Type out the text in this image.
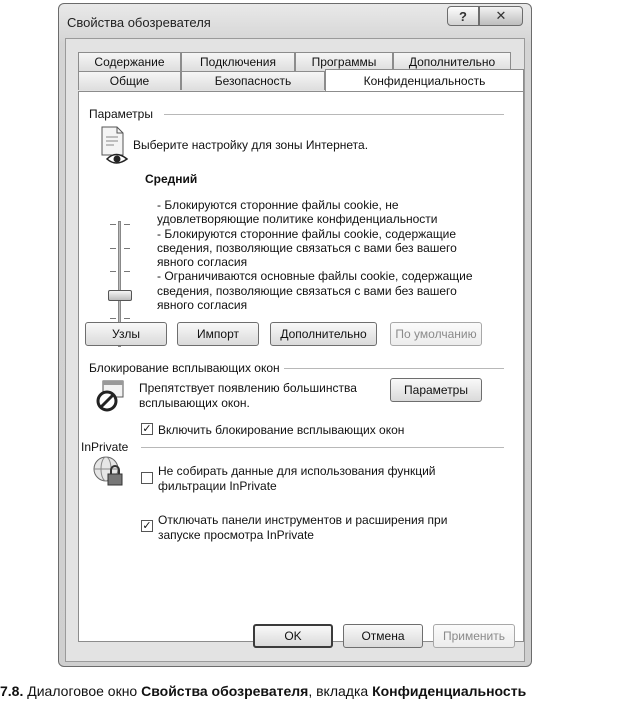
Свойства обозревателя	?	✕
Содержание	Подключения	Программы	Дополнительно
Общие	Безопасность	Конфиденциальность
Параметры
Выберите настройку для зоны Интернета.
Средний
- Блокируются сторонние файлы cookie, не
удовлетворяющие политике конфиденциальности
- Блокируются сторонние файлы cookie, содержащие
сведения, позволяющие связаться с вами без вашего
явного согласия
- Ограничиваются основные файлы cookie, содержащие
сведения, позволяющие связаться с вами без вашего
явного согласия
Узлы	Импорт	Дополнительно	По умолчанию
Блокирование всплывающих окон
Препятствует появлению большинства
всплывающих окон.
Параметры
✓ Включить блокирование всплывающих окон
InPrivate
Не собирать данные для использования функций
фильтрации InPrivate
✓ Отключать панели инструментов и расширения при
запуске просмотра InPrivate
OK	Отмена	Применить
7.8. Диалоговое окно Свойства обозревателя, вкладка Конфиденциальность
